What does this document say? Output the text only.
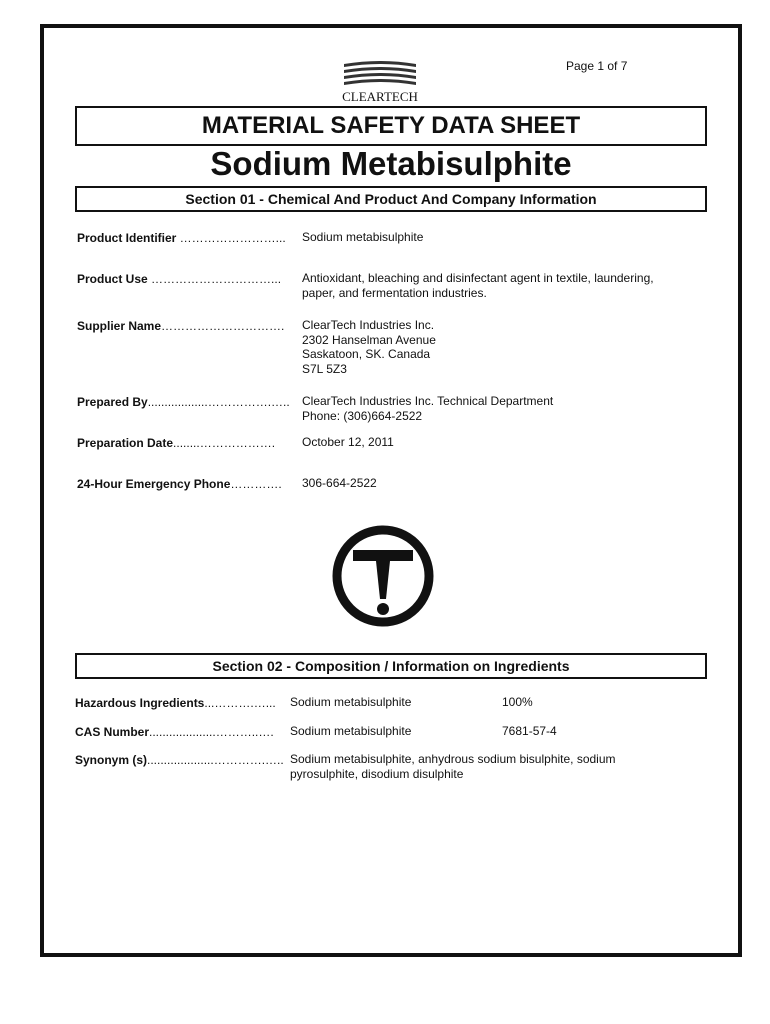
Page 1 of 7
CLEARTECH
MATERIAL SAFETY DATA SHEET
Sodium Metabisulphite
Section 01 - Chemical And Product And Company Information
Product Identifier ……………………... Sodium metabisulphite
Product Use …………………………... Antioxidant, bleaching and disinfectant agent in textile, laundering,
paper, and fermentation industries.
Supplier Name…………………………. ClearTech Industries Inc.
2302 Hanselman Avenue
Saskatoon, SK. Canada
S7L 5Z3
Prepared By..................…………….….. ClearTech Industries Inc. Technical Department
Phone: (306)664-2522
Preparation Date........………………. October 12, 2011
24-Hour Emergency Phone…………. 306-664-2522
Section 02 - Composition / Information on Ingredients
Hazardous Ingredients...……….…... Sodium metabisulphite	100%
CAS Number....................………..…. Sodium metabisulphite	7681-57-4
Synonym (s)....................………….….. Sodium metabisulphite, anhydrous sodium bisulphite, sodium
pyrosulphite, disodium disulphite
